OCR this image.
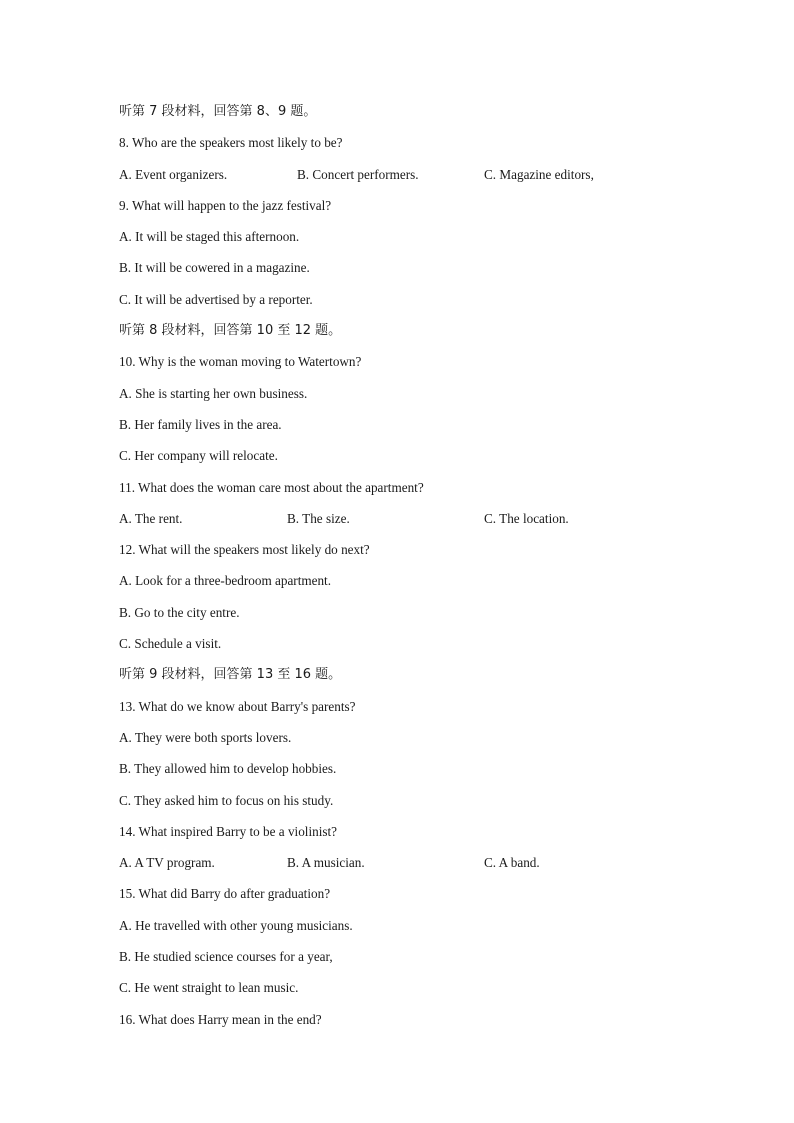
听第 7 段材料，回答第 8、9 题。
8. Who are the speakers most likely to be?
A. Event organizers.	B. Concert performers.	C. Magazine editors,
9. What will happen to the jazz festival?
A. It will be staged this afternoon.
B. It will be cowered in a magazine.
C. It will be advertised by a reporter.
听第 8 段材料，回答第 10 至 12 题。
10. Why is the woman moving to Watertown?
A. She is starting her own business.
B. Her family lives in the area.
C. Her company will relocate.
11. What does the woman care most about the apartment?
A. The rent.	B. The size.	C. The location.
12. What will the speakers most likely do next?
A. Look for a three-bedroom apartment.
B. Go to the city entre.
C. Schedule a visit.
听第 9 段材料，回答第 13 至 16 题。
13. What do we know about Barry's parents?
A. They were both sports lovers.
B. They allowed him to develop hobbies.
C. They asked him to focus on his study.
14. What inspired Barry to be a violinist?
A. A TV program.	B. A musician.	C. A band.
15. What did Barry do after graduation?
A. He travelled with other young musicians.
B. He studied science courses for a year,
C. He went straight to lean music.
16. What does Harry mean in the end?
